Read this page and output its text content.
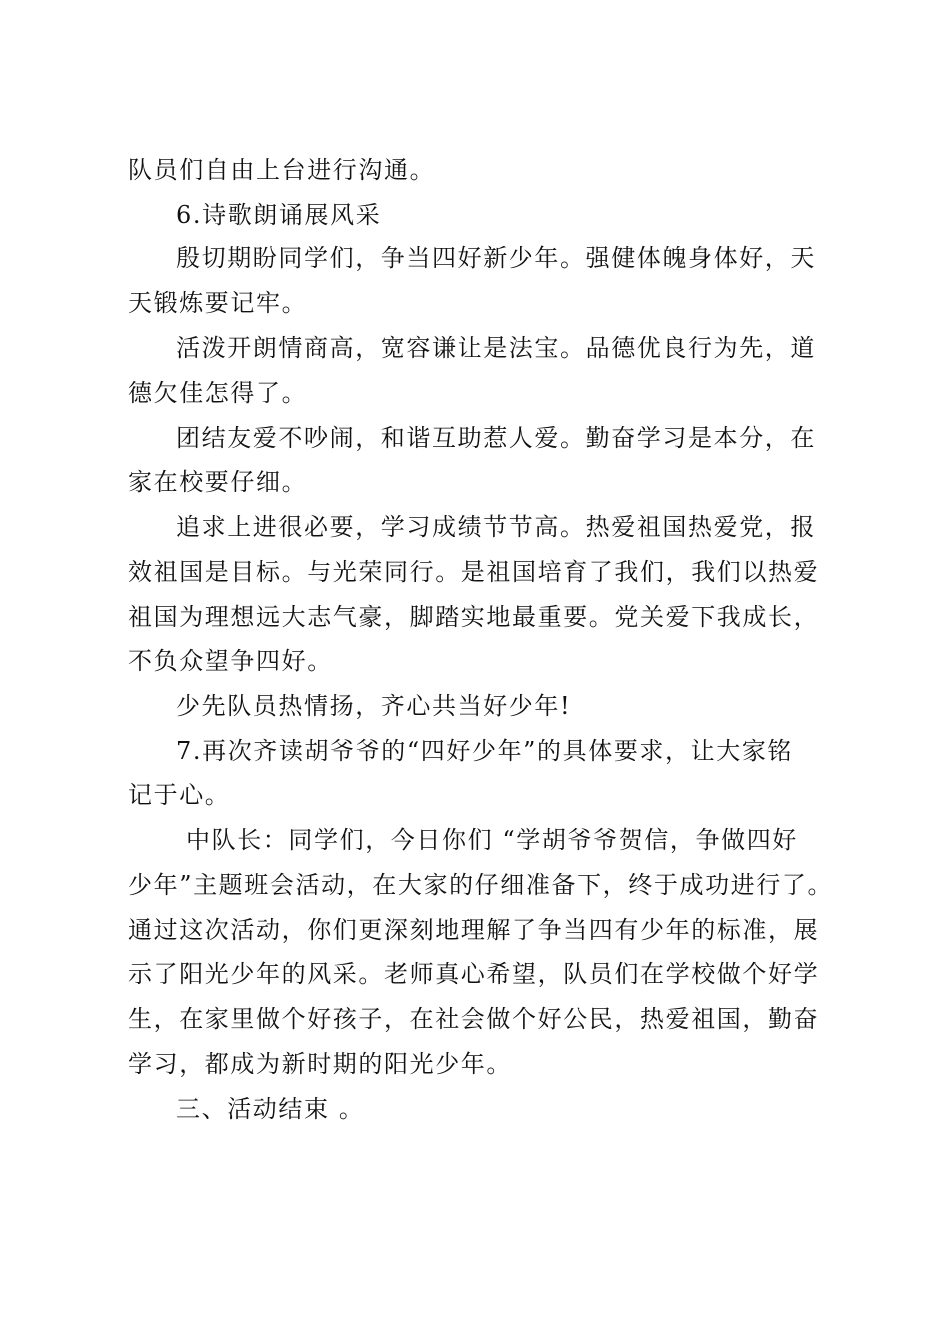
队员们自由上台进行沟通。
6.诗歌朗诵展风采
殷切期盼同学们，争当四好新少年。强健体魄身体好，天
天锻炼要记牢。
活泼开朗情商高，宽容谦让是法宝。品德优良行为先，道
德欠佳怎得了。
团结友爱不吵闹，和谐互助惹人爱。勤奋学习是本分，在
家在校要仔细。
追求上进很必要，学习成绩节节高。热爱祖国热爱党，报
效祖国是目标。与光荣同行。是祖国培育了我们，我们以热爱
祖国为理想远大志气豪，脚踏实地最重要。党关爱下我成长，
不负众望争四好。
少先队员热情扬，齐心共当好少年!
7.再次齐读胡爷爷的“四好少年”的具体要求，让大家铭
记于心。
中队长：同学们，今日你们 “学胡爷爷贺信，争做四好
少年”主题班会活动，在大家的仔细准备下，终于成功进行了。
通过这次活动，你们更深刻地理解了争当四有少年的标准，展
示了阳光少年的风采。老师真心希望，队员们在学校做个好学
生，在家里做个好孩子，在社会做个好公民，热爱祖国，勤奋
学习，都成为新时期的阳光少年。
三、活动结束 。
